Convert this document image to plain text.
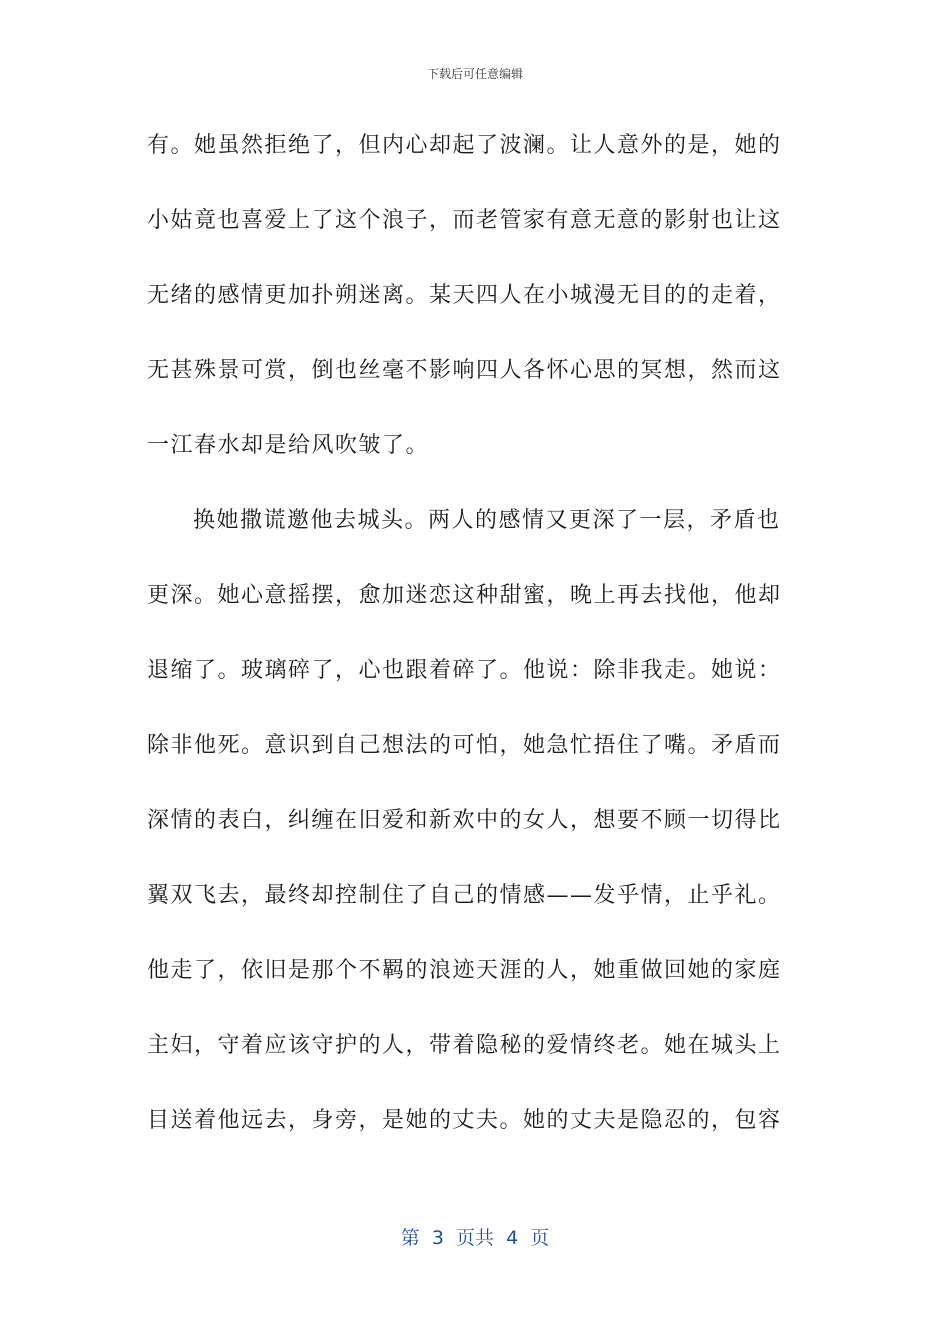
下载后可任意编辑
有。她虽然拒绝了，但内心却起了波澜。让人意外的是，她的
小姑竟也喜爱上了这个浪子，而老管家有意无意的影射也让这
无绪的感情更加扑朔迷离。某天四人在小城漫无目的的走着，
无甚殊景可赏，倒也丝毫不影响四人各怀心思的冥想，然而这
一江春水却是给风吹皱了。
换她撒谎邀他去城头。两人的感情又更深了一层，矛盾也
更深。她心意摇摆，愈加迷恋这种甜蜜，晚上再去找他，他却
退缩了。玻璃碎了，心也跟着碎了。他说：除非我走。她说：
除非他死。意识到自己想法的可怕，她急忙捂住了嘴。矛盾而
深情的表白，纠缠在旧爱和新欢中的女人，想要不顾一切得比
翼双飞去，最终却控制住了自己的情感——发乎情，止乎礼。
他走了，依旧是那个不羁的浪迹天涯的人，她重做回她的家庭
主妇，守着应该守护的人，带着隐秘的爱情终老。她在城头上
目送着他远去，身旁，是她的丈夫。她的丈夫是隐忍的，包容
第  3  页共  4  页
